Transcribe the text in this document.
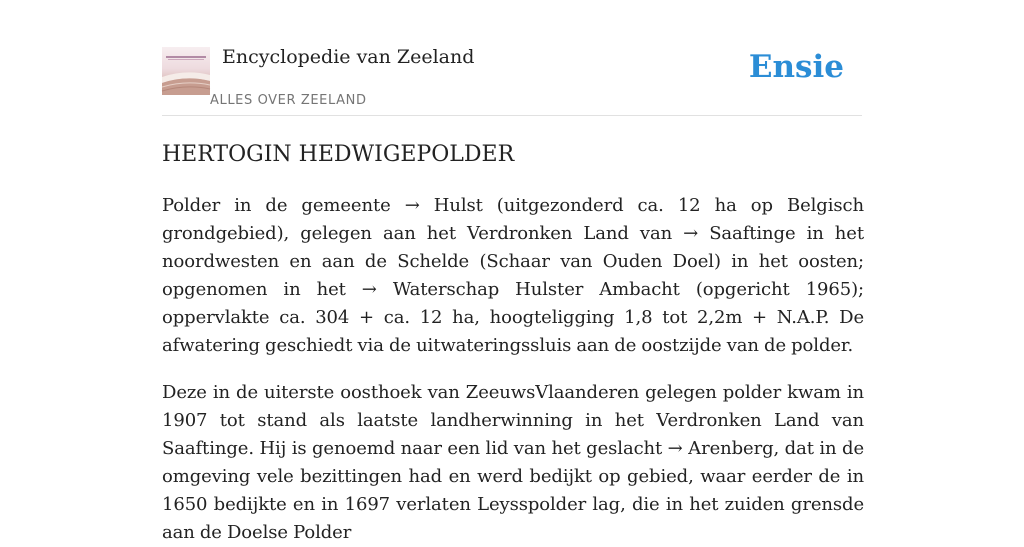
Encyclopedie van Zeeland
ALLES OVER ZEELAND
Ensie
HERTOGIN HEDWIGEPOLDER

Polder in de gemeente → Hulst (uitgezonderd ca. 12 ha op Belgisch grondgebied), gelegen aan het Verdronken Land van → Saaftinge in het noordwesten en aan de Schelde (Schaar van Ouden Doel) in het oosten; opgenomen in het → Waterschap Hulster Ambacht (opgericht 1965); oppervlakte ca. 304 + ca. 12 ha, hoogteligging 1,8 tot 2,2m + N.A.P. De afwatering geschiedt via de uitwateringssluis aan de oostzijde van de polder.

Deze in de uiterste oosthoek van ZeeuwsVlaanderen gelegen polder kwam in 1907 tot stand als laatste landherwinning in het Verdronken Land van Saaftinge. Hij is genoemd naar een lid van het geslacht → Arenberg, dat in de omgeving vele bezittingen had en werd bedijkt op gebied, waar eerder de in 1650 bedijkte en in 1697 verlaten Leysspolder lag, die in het zuiden grensde aan de Doelse Polder
